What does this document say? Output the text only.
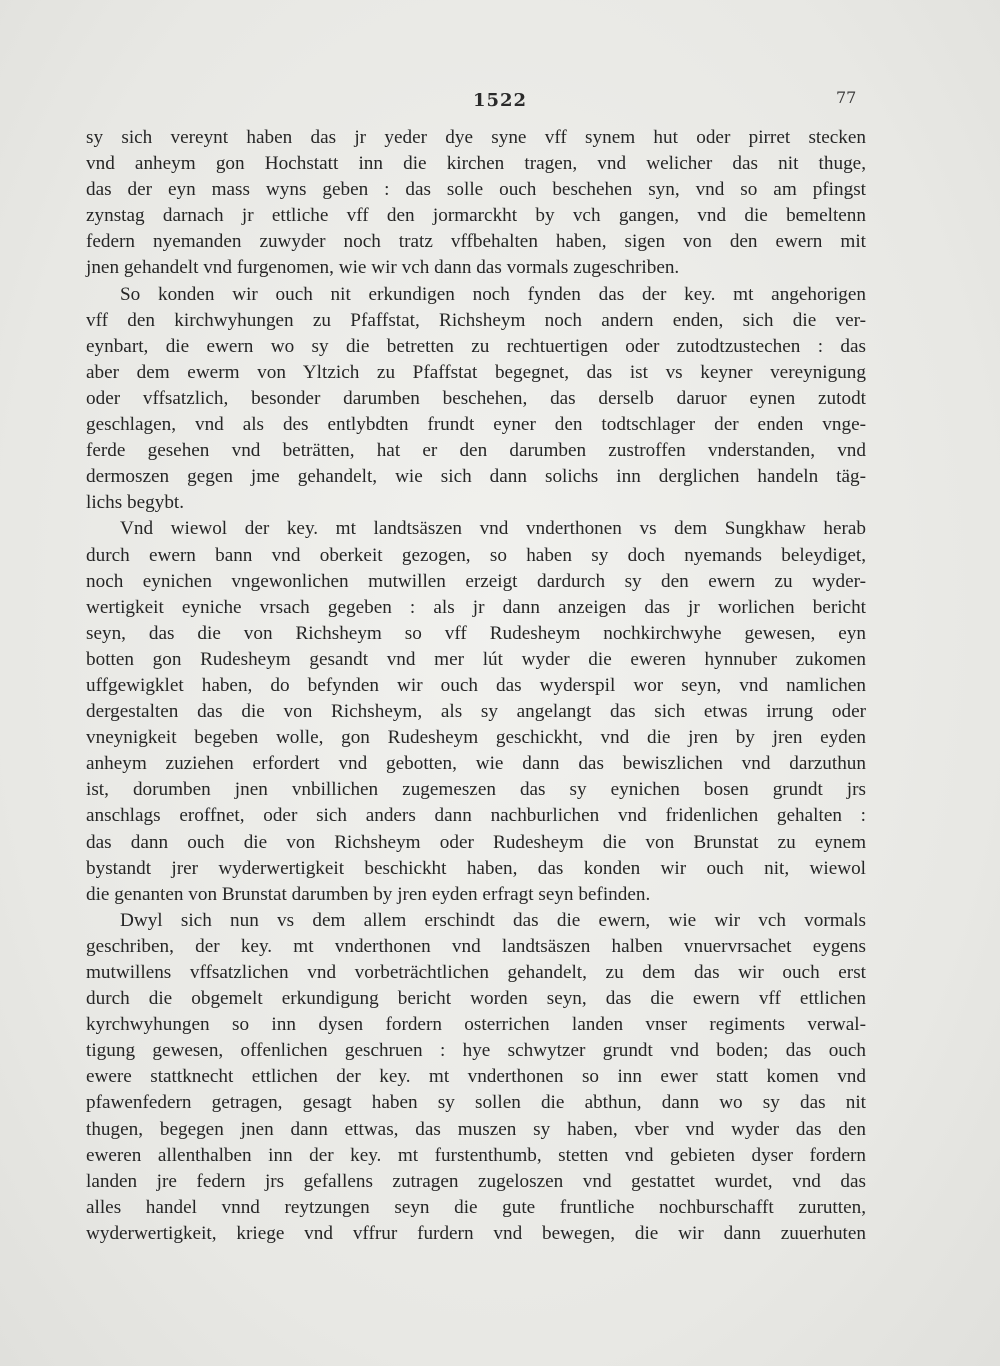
1522	77
sy sich vereynt haben das jr yeder dye syne vff synem hut oder pirret stecken
vnd anheym gon Hochstatt inn die kirchen tragen, vnd welicher das nit thuge,
das der eyn mass wyns geben : das solle ouch beschehen syn, vnd so am pfingst
zynstag darnach jr ettliche vff den jormarckht by vch gangen, vnd die bemeltenn
federn nyemanden zuwyder noch tratz vffbehalten haben, sigen von den ewern mit
jnen gehandelt vnd furgenomen, wie wir vch dann das vormals zugeschriben.
So konden wir ouch nit erkundigen noch fynden das der key. mt angehorigen
vff den kirchwyhungen zu Pfaffstat, Richsheym noch andern enden, sich die ver-
eynbart, die ewern wo sy die betretten zu rechtuertigen oder zutodtzustechen : das
aber dem ewerm von Yltzich zu Pfaffstat begegnet, das ist vs keyner vereynigung
oder vffsatzlich, besonder darumben beschehen, das derselb daruor eynen zutodt
geschlagen, vnd als des entlybdten frundt eyner den todtschlager der enden vnge-
ferde gesehen vnd beträtten, hat er den darumben zustroffen vnderstanden, vnd
dermoszen gegen jme gehandelt, wie sich dann solichs inn derglichen handeln täg-
lichs begybt.
Vnd wiewol der key. mt landtsäszen vnd vnderthonen vs dem Sungkhaw herab
durch ewern bann vnd oberkeit gezogen, so haben sy doch nyemands beleydiget,
noch eynichen vngewonlichen mutwillen erzeigt dardurch sy den ewern zu wyder-
wertigkeit eyniche vrsach gegeben : als jr dann anzeigen das jr worlichen bericht
seyn, das die von Richsheym so vff Rudesheym nochkirchwyhe gewesen, eyn
botten gon Rudesheym gesandt vnd mer lút wyder die eweren hynnuber zukomen
uffgewigklet haben, do befynden wir ouch das wyderspil wor seyn, vnd namlichen
dergestalten das die von Richsheym, als sy angelangt das sich etwas irrung oder
vneynigkeit begeben wolle, gon Rudesheym geschickht, vnd die jren by jren eyden
anheym zuziehen erfordert vnd gebotten, wie dann das bewiszlichen vnd darzuthun
ist, dorumben jnen vnbillichen zugemeszen das sy eynichen bosen grundt jrs
anschlags eroffnet, oder sich anders dann nachburlichen vnd fridenlichen gehalten :
das dann ouch die von Richsheym oder Rudesheym die von Brunstat zu eynem
bystandt jrer wyderwertigkeit beschickht haben, das konden wir ouch nit, wiewol
die genanten von Brunstat darumben by jren eyden erfragt seyn befinden.
Dwyl sich nun vs dem allem erschindt das die ewern, wie wir vch vormals
geschriben, der key. mt vnderthonen vnd landtsäszen halben vnuervrsachet eygens
mutwillens vffsatzlichen vnd vorbeträchtlichen gehandelt, zu dem das wir ouch erst
durch die obgemelt erkundigung bericht worden seyn, das die ewern vff ettlichen
kyrchwyhungen so inn dysen fordern osterrichen landen vnser regiments verwal-
tigung gewesen, offenlichen geschruen : hye schwytzer grundt vnd boden; das ouch
ewere stattknecht ettlichen der key. mt vnderthonen so inn ewer statt komen vnd
pfawenfedern getragen, gesagt haben sy sollen die abthun, dann wo sy das nit
thugen, begegen jnen dann ettwas, das muszen sy haben, vber vnd wyder das den
eweren allenthalben inn der key. mt furstenthumb, stetten vnd gebieten dyser fordern
landen jre federn jrs gefallens zutragen zugeloszen vnd gestattet wurdet, vnd das
alles handel vnnd reytzungen seyn die gute fruntliche nochburschafft zurutten,
wyderwertigkeit, kriege vnd vffrur furdern vnd bewegen, die wir dann zuuerhuten
